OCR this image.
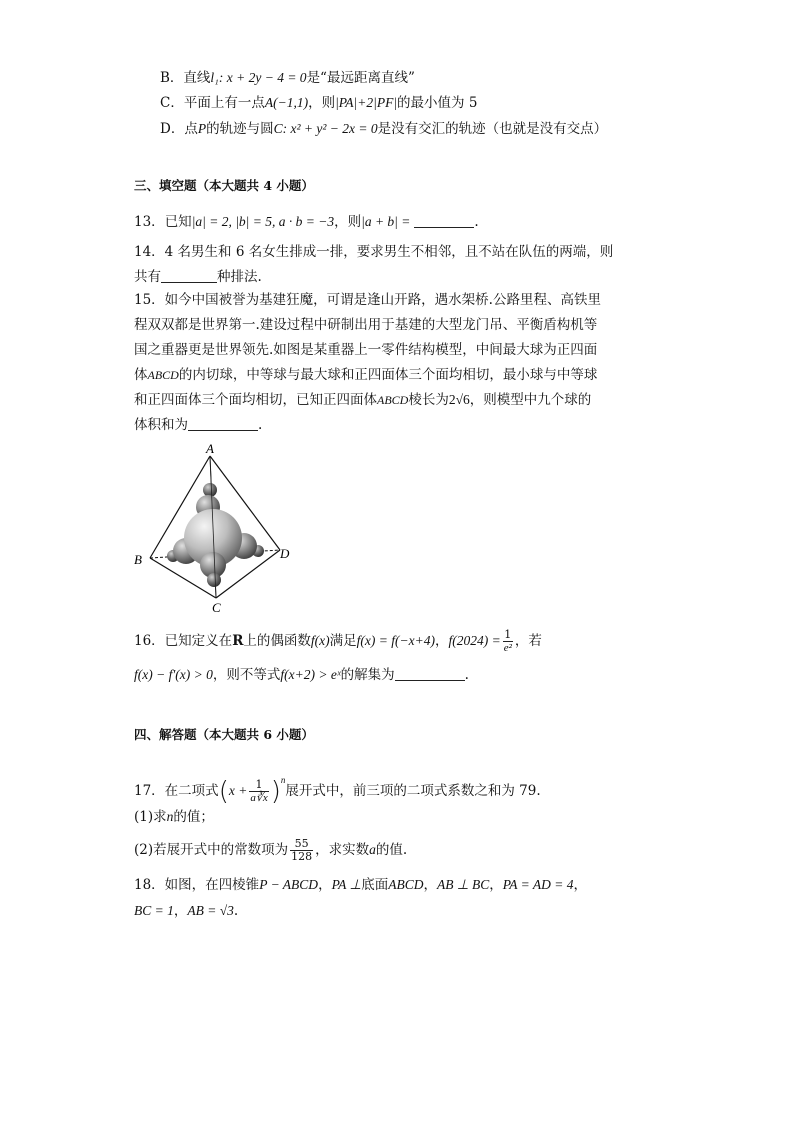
B．直线l₁: x + 2y − 4 = 0是“最远距离直线”
C．平面上有一点A(−1,1)，则|PA|+2|PF|的最小值为 5
D．点P的轨迹与圆C: x² + y² − 2x = 0是没有交汇的轨迹（也就是没有交点）
三、填空题（本大题共 4 小题）
13．已知|a| = 2, |b| = 5, a · b = −3，则|a + b| =	.
14．4 名男生和 6 名女生排成一排，要求男生不相邻，且不站在队伍的两端，则
共有	种排法.
15．如今中国被誉为基建狂魔，可谓是逢山开路，遇水架桥.公路里程、高铁里
程双双都是世界第一.建设过程中研制出用于基建的大型龙门吊、平衡盾构机等
国之重器更是世界领先.如图是某重器上一零件结构模型，中间最大球为正四面
体ABCD的内切球，中等球与最大球和正四面体三个面均相切，最小球与中等球
和正四面体三个面均相切，已知正四面体ABCD棱长为2√6，则模型中九个球的
体积和为	.
A
B
C
D
16．已知定义在R上的偶函数f(x)满足f(x) = f(−x+4)，$f(2024) = \frac{1}{\text{e²}}$ ，若
f(x) − f′(x) > 0，则不等式f(x+2) > eˣ的解集为	.
四、解答题（本大题共 6 小题）
17．在二项式$(x + \frac{1}{a∛x} )^n$展开式中，前三项的二项式系数之和为 79.
(1)求n的值；
(2)若展开式中的常数项为 $\frac{55}{128}$ ，求实数a的值.
18．如图，在四棱锥P − ABCD，PA ⊥底面ABCD，AB ⊥ BC，PA = AD = 4，
BC = 1，AB = √3.
